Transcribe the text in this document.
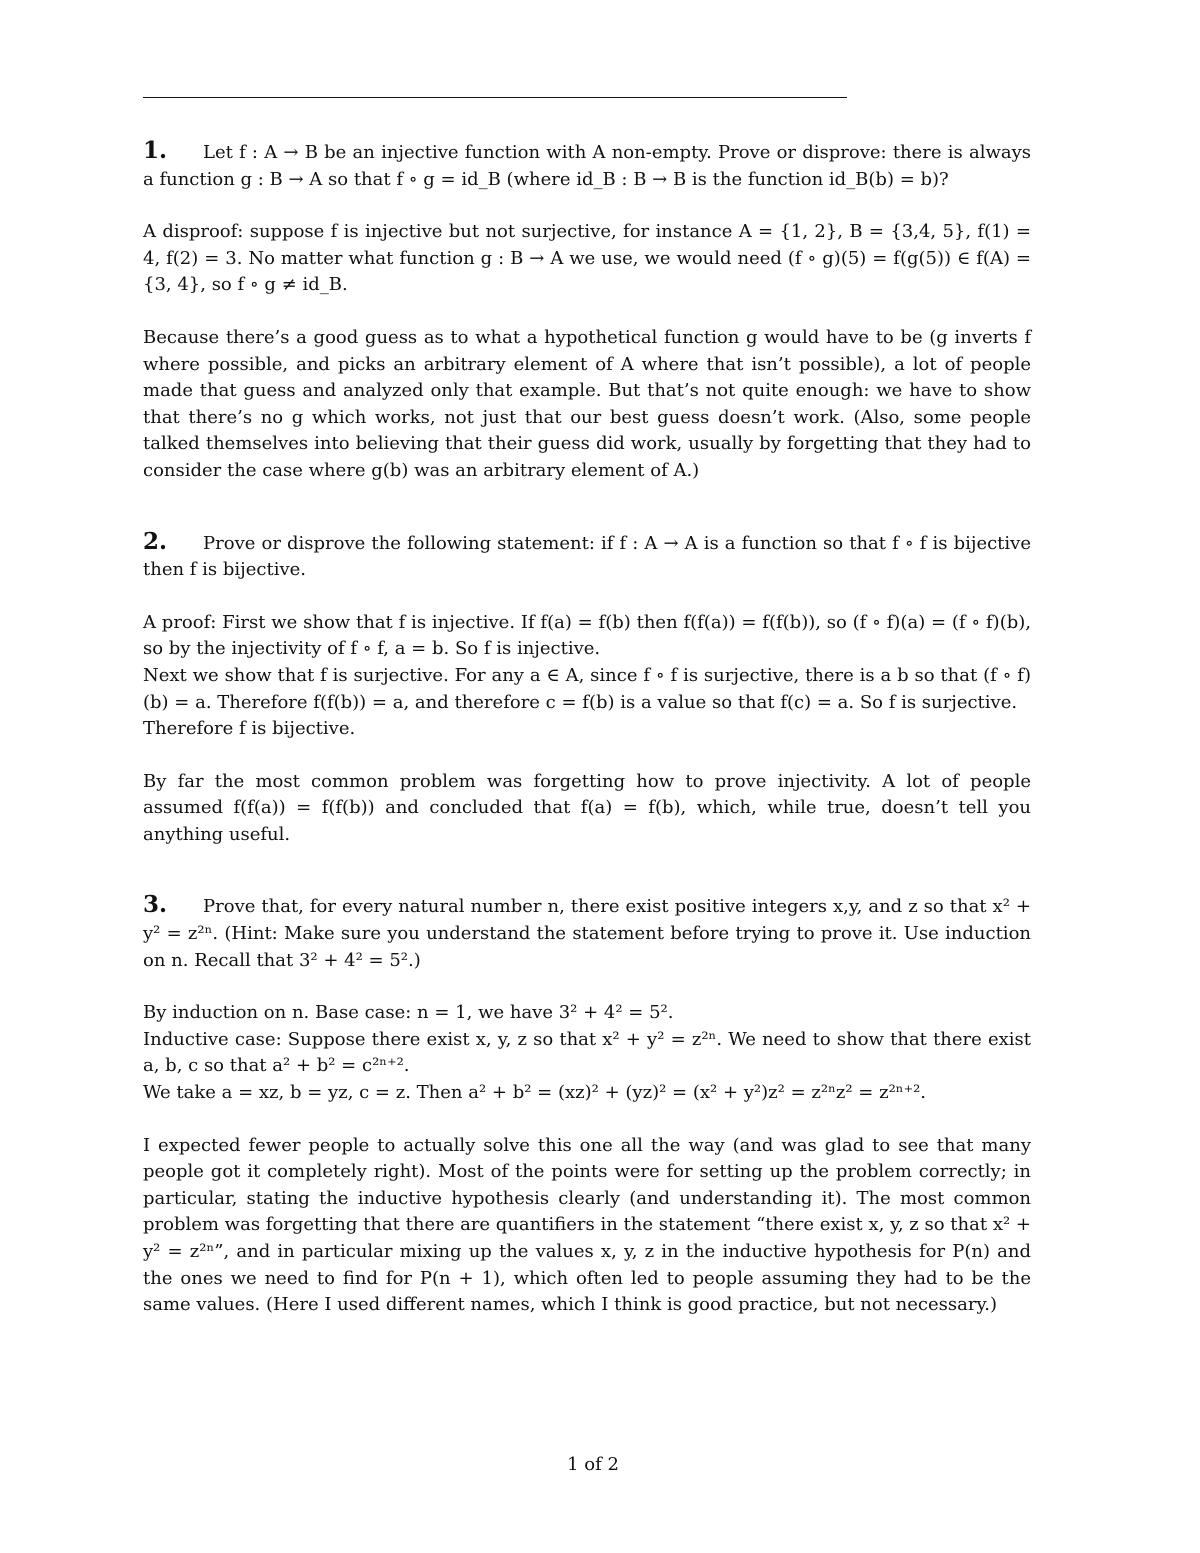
1. Let f : A → B be an injective function with A non-empty. Prove or disprove: there is always a function g : B → A so that f ∘ g = id_B (where id_B : B → B is the function id_B(b) = b)?

A disproof: suppose f is injective but not surjective, for instance A = {1, 2}, B = {3,4, 5}, f(1) = 4, f(2) = 3. No matter what function g : B → A we use, we would need (f ∘ g)(5) = f(g(5)) ∈ f(A) = {3, 4}, so f ∘ g ≠ id_B.

Because there’s a good guess as to what a hypothetical function g would have to be (g inverts f where possible, and picks an arbitrary element of A where that isn’t possible), a lot of people made that guess and analyzed only that example. But that’s not quite enough: we have to show that there’s no g which works, not just that our best guess doesn’t work. (Also, some people talked themselves into believing that their guess did work, usually by forgetting that they had to consider the case where g(b) was an arbitrary element of A.)

2. Prove or disprove the following statement: if f : A → A is a function so that f ∘ f is bijective then f is bijective.

A proof: First we show that f is injective. If f(a) = f(b) then f(f(a)) = f(f(b)), so (f ∘ f)(a) = (f ∘ f)(b), so by the injectivity of f ∘ f, a = b. So f is injective.

Next we show that f is surjective. For any a ∈ A, since f ∘ f is surjective, there is a b so that (f ∘ f)(b) = a. Therefore f(f(b)) = a, and therefore c = f(b) is a value so that f(c) = a. So f is surjective.

Therefore f is bijective.

By far the most common problem was forgetting how to prove injectivity. A lot of people assumed f(f(a)) = f(f(b)) and concluded that f(a) = f(b), which, while true, doesn’t tell you anything useful.

3. Prove that, for every natural number n, there exist positive integers x,y, and z so that x² + y² = z²ⁿ. (Hint: Make sure you understand the statement before trying to prove it. Use induction on n. Recall that 3² + 4² = 5².)

By induction on n. Base case: n = 1, we have 3² + 4² = 5².

Inductive case: Suppose there exist x, y, z so that x² + y² = z²ⁿ. We need to show that there exist a, b, c so that a² + b² = c²ⁿ⁺².

We take a = xz, b = yz, c = z. Then a² + b² = (xz)² + (yz)² = (x² + y²)z² = z²ⁿz² = z²ⁿ⁺².

I expected fewer people to actually solve this one all the way (and was glad to see that many people got it completely right). Most of the points were for setting up the problem correctly; in particular, stating the inductive hypothesis clearly (and understanding it). The most common problem was forgetting that there are quantifiers in the statement “there exist x, y, z so that x² + y² = z²ⁿ”, and in particular mixing up the values x, y, z in the inductive hypothesis for P(n) and the ones we need to find for P(n + 1), which often led to people assuming they had to be the same values. (Here I used different names, which I think is good practice, but not necessary.)

1 of 2
